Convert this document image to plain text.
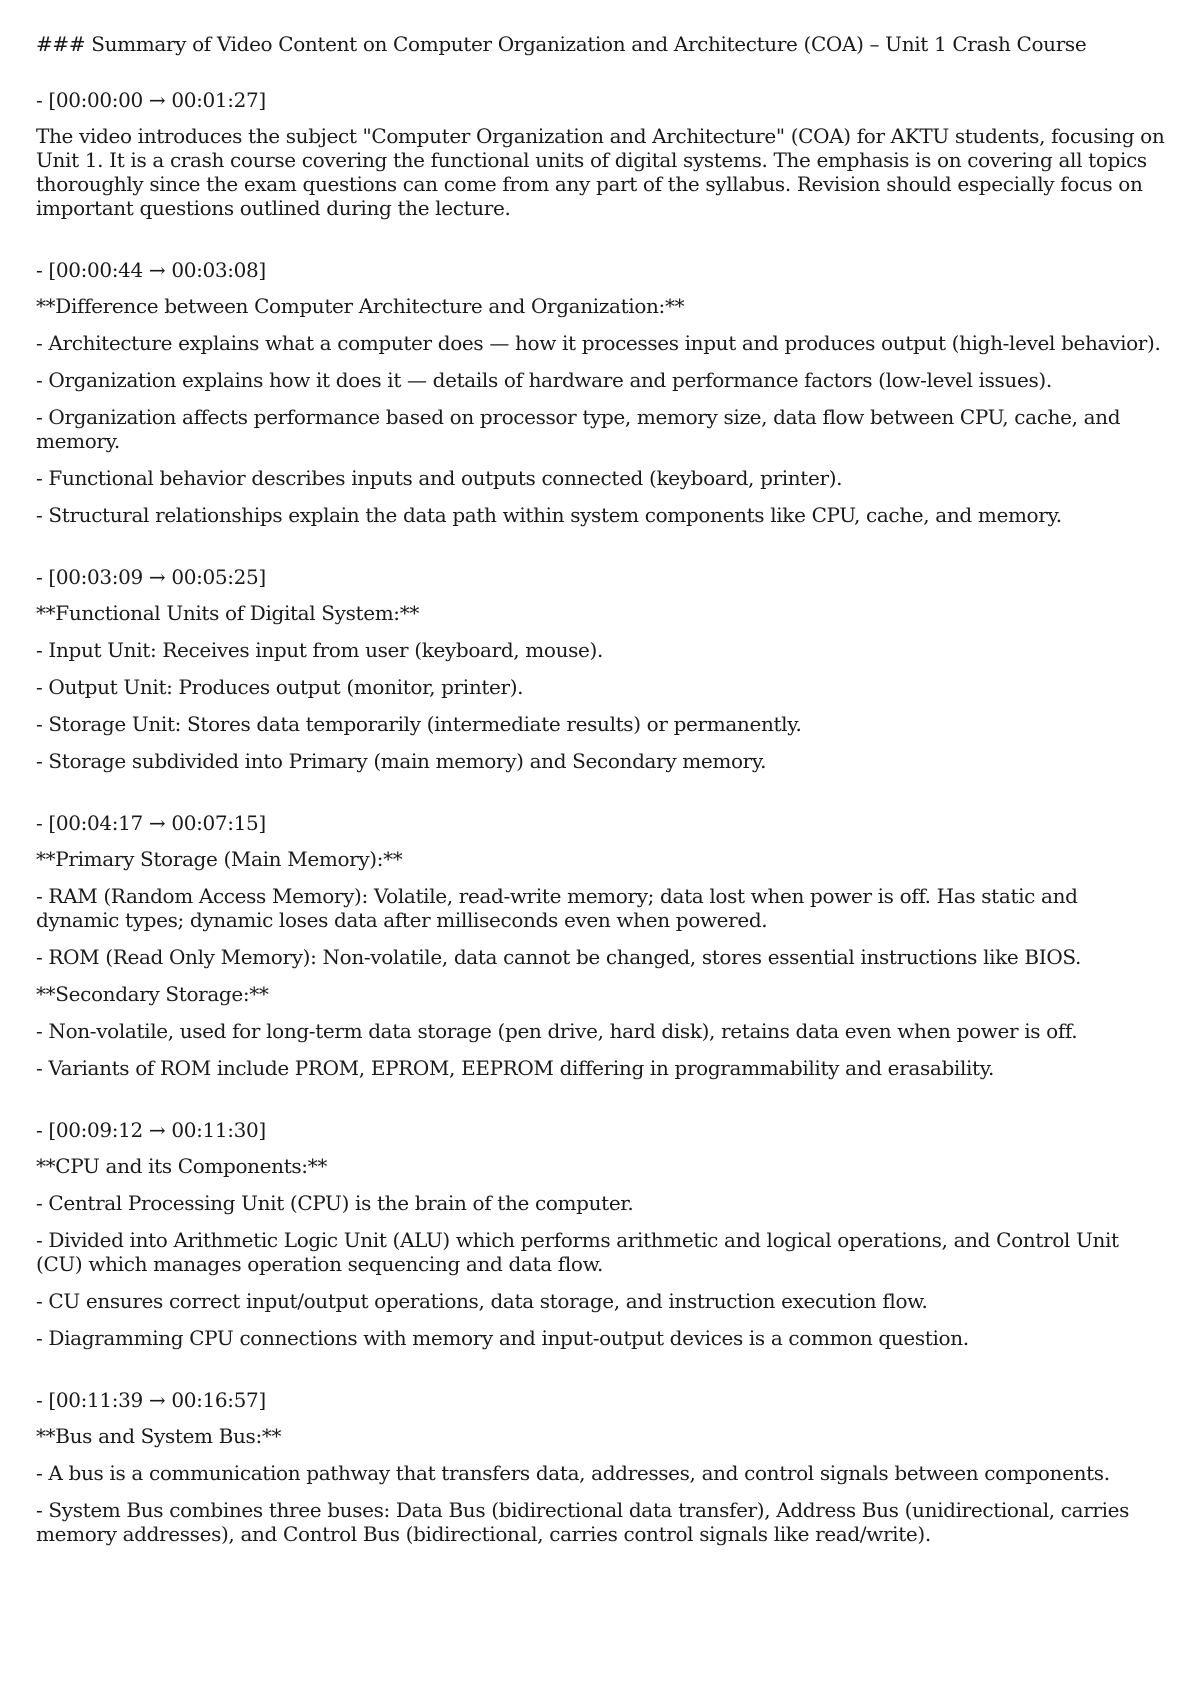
### Summary of Video Content on Computer Organization and Architecture (COA) – Unit 1 Crash Course
- [00:00:00 → 00:01:27]
The video introduces the subject "Computer Organization and Architecture" (COA) for AKTU students, focusing on Unit 1. It is a crash course covering the functional units of digital systems. The emphasis is on covering all topics thoroughly since the exam questions can come from any part of the syllabus. Revision should especially focus on important questions outlined during the lecture.
- [00:00:44 → 00:03:08]
**Difference between Computer Architecture and Organization:**
- Architecture explains what a computer does — how it processes input and produces output (high-level behavior).
- Organization explains how it does it — details of hardware and performance factors (low-level issues).
- Organization affects performance based on processor type, memory size, data flow between CPU, cache, and memory.
- Functional behavior describes inputs and outputs connected (keyboard, printer).
- Structural relationships explain the data path within system components like CPU, cache, and memory.
- [00:03:09 → 00:05:25]
**Functional Units of Digital System:**
- Input Unit: Receives input from user (keyboard, mouse).
- Output Unit: Produces output (monitor, printer).
- Storage Unit: Stores data temporarily (intermediate results) or permanently.
- Storage subdivided into Primary (main memory) and Secondary memory.
- [00:04:17 → 00:07:15]
**Primary Storage (Main Memory):**
- RAM (Random Access Memory): Volatile, read-write memory; data lost when power is off. Has static and dynamic types; dynamic loses data after milliseconds even when powered.
- ROM (Read Only Memory): Non-volatile, data cannot be changed, stores essential instructions like BIOS.
**Secondary Storage:**
- Non-volatile, used for long-term data storage (pen drive, hard disk), retains data even when power is off.
- Variants of ROM include PROM, EPROM, EEPROM differing in programmability and erasability.
- [00:09:12 → 00:11:30]
**CPU and its Components:**
- Central Processing Unit (CPU) is the brain of the computer.
- Divided into Arithmetic Logic Unit (ALU) which performs arithmetic and logical operations, and Control Unit (CU) which manages operation sequencing and data flow.
- CU ensures correct input/output operations, data storage, and instruction execution flow.
- Diagramming CPU connections with memory and input-output devices is a common question.
- [00:11:39 → 00:16:57]
**Bus and System Bus:**
- A bus is a communication pathway that transfers data, addresses, and control signals between components.
- System Bus combines three buses: Data Bus (bidirectional data transfer), Address Bus (unidirectional, carries memory addresses), and Control Bus (bidirectional, carries control signals like read/write).
